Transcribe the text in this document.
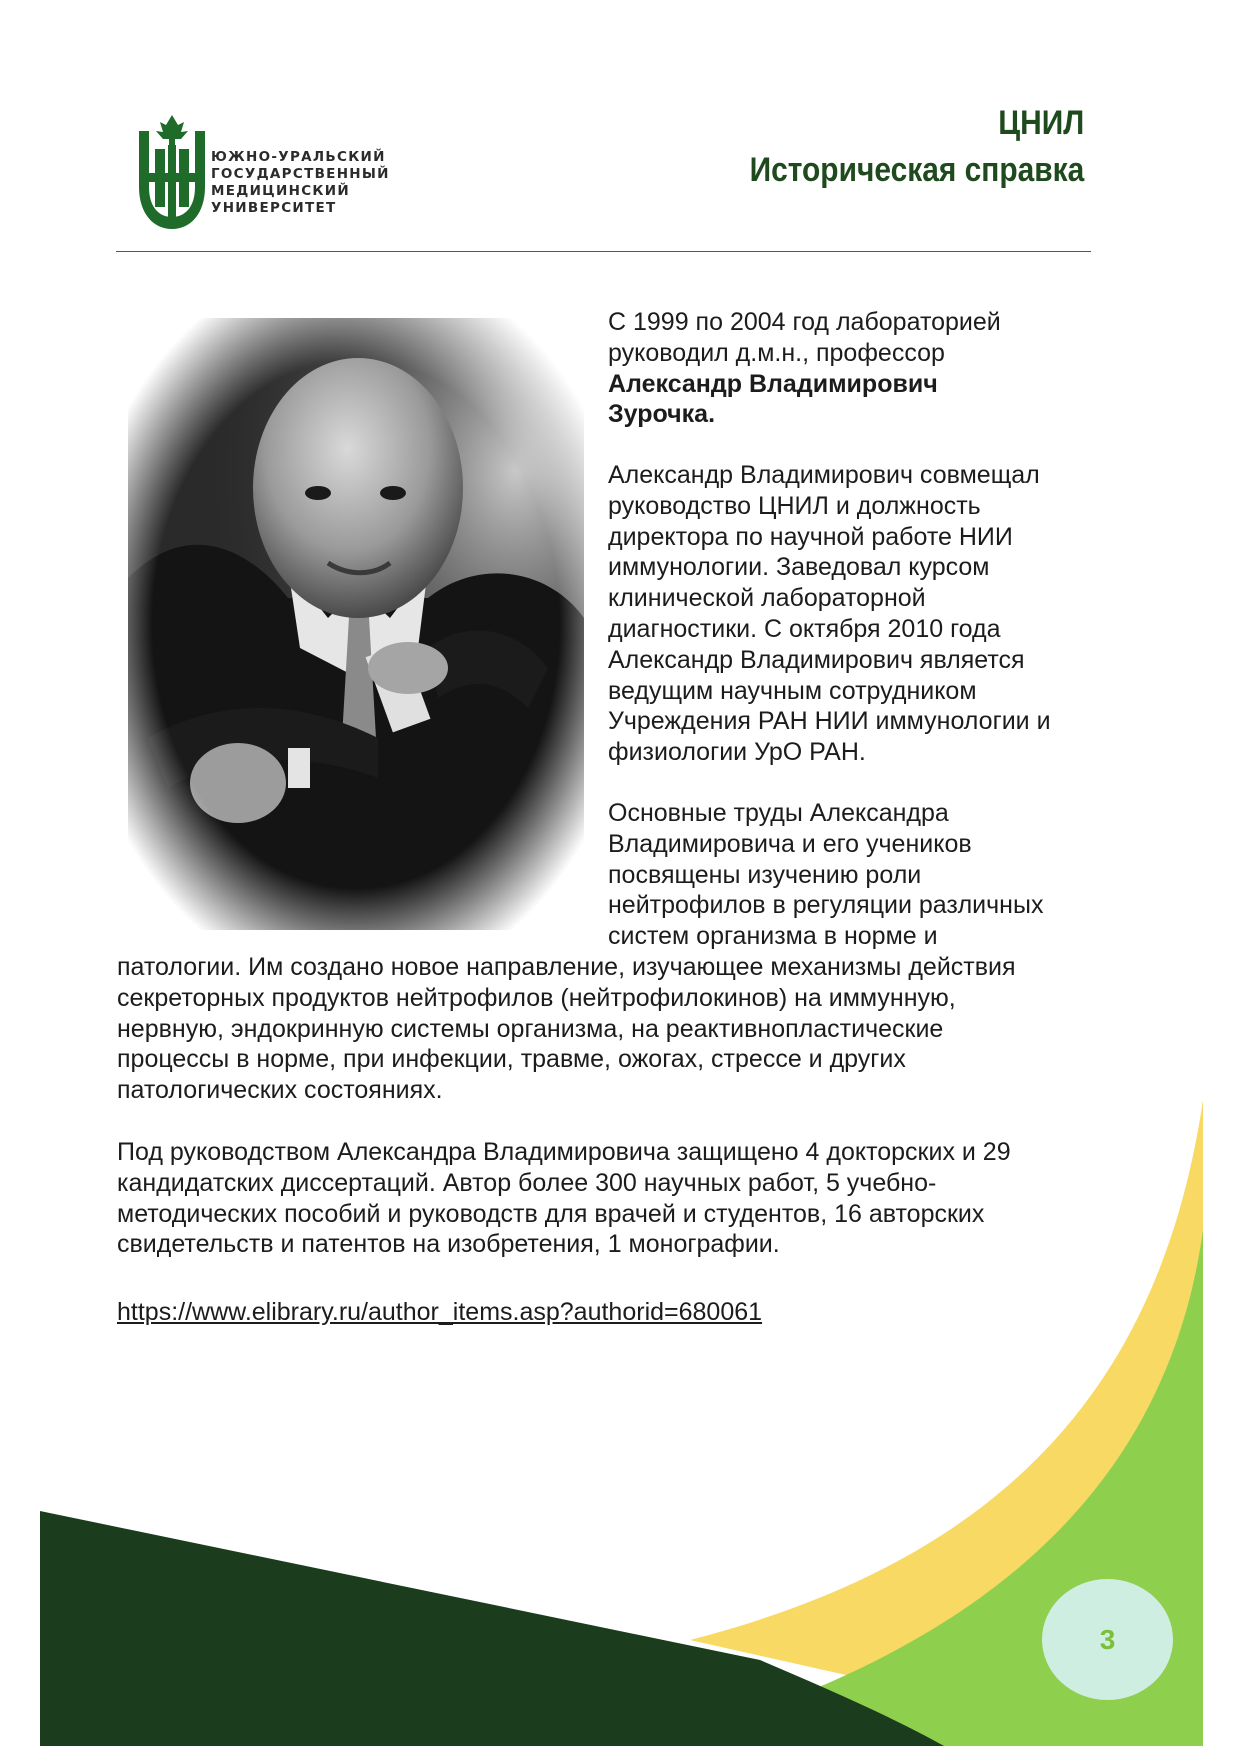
ЮЖНО-УРАЛЬСКИЙ
ГОСУДАРСТВЕННЫЙ
МЕДИЦИНСКИЙ
УНИВЕРСИТЕТ
ЦНИЛ
Историческая справка

С 1999 по 2004 год лабораторией

руководил д.м.н., профессор

Александр Владимирович

Зурочка.

Александр Владимирович совмещал

руководство ЦНИЛ и должность

директора по научной работе НИИ

иммунологии. Заведовал курсом

клинической лабораторной

диагностики. С октября 2010 года

Александр Владимирович является

ведущим научным сотрудником

Учреждения РАН НИИ иммунологии и

физиологии УрО РАН.

Основные труды Александра

Владимировича и его учеников

посвящены изучению роли

нейтрофилов в регуляции различных

систем организма в норме и

патологии. Им создано новое направление, изучающее механизмы действия

секреторных продуктов нейтрофилов (нейтрофилокинов) на иммунную,

нервную, эндокринную системы организма, на реактивнопластические

процессы в норме, при инфекции, травме, ожогах, стрессе и других

патологических состояниях.

Под руководством Александра Владимировича защищено 4 докторских и 29

кандидатских диссертаций. Автор более 300 научных работ, 5 учебно-

методических пособий и руководств для врачей и студентов, 16 авторских

свидетельств и патентов на изобретения, 1 монографии.

https://www.elibrary.ru/author_items.asp?authorid=680061
3
